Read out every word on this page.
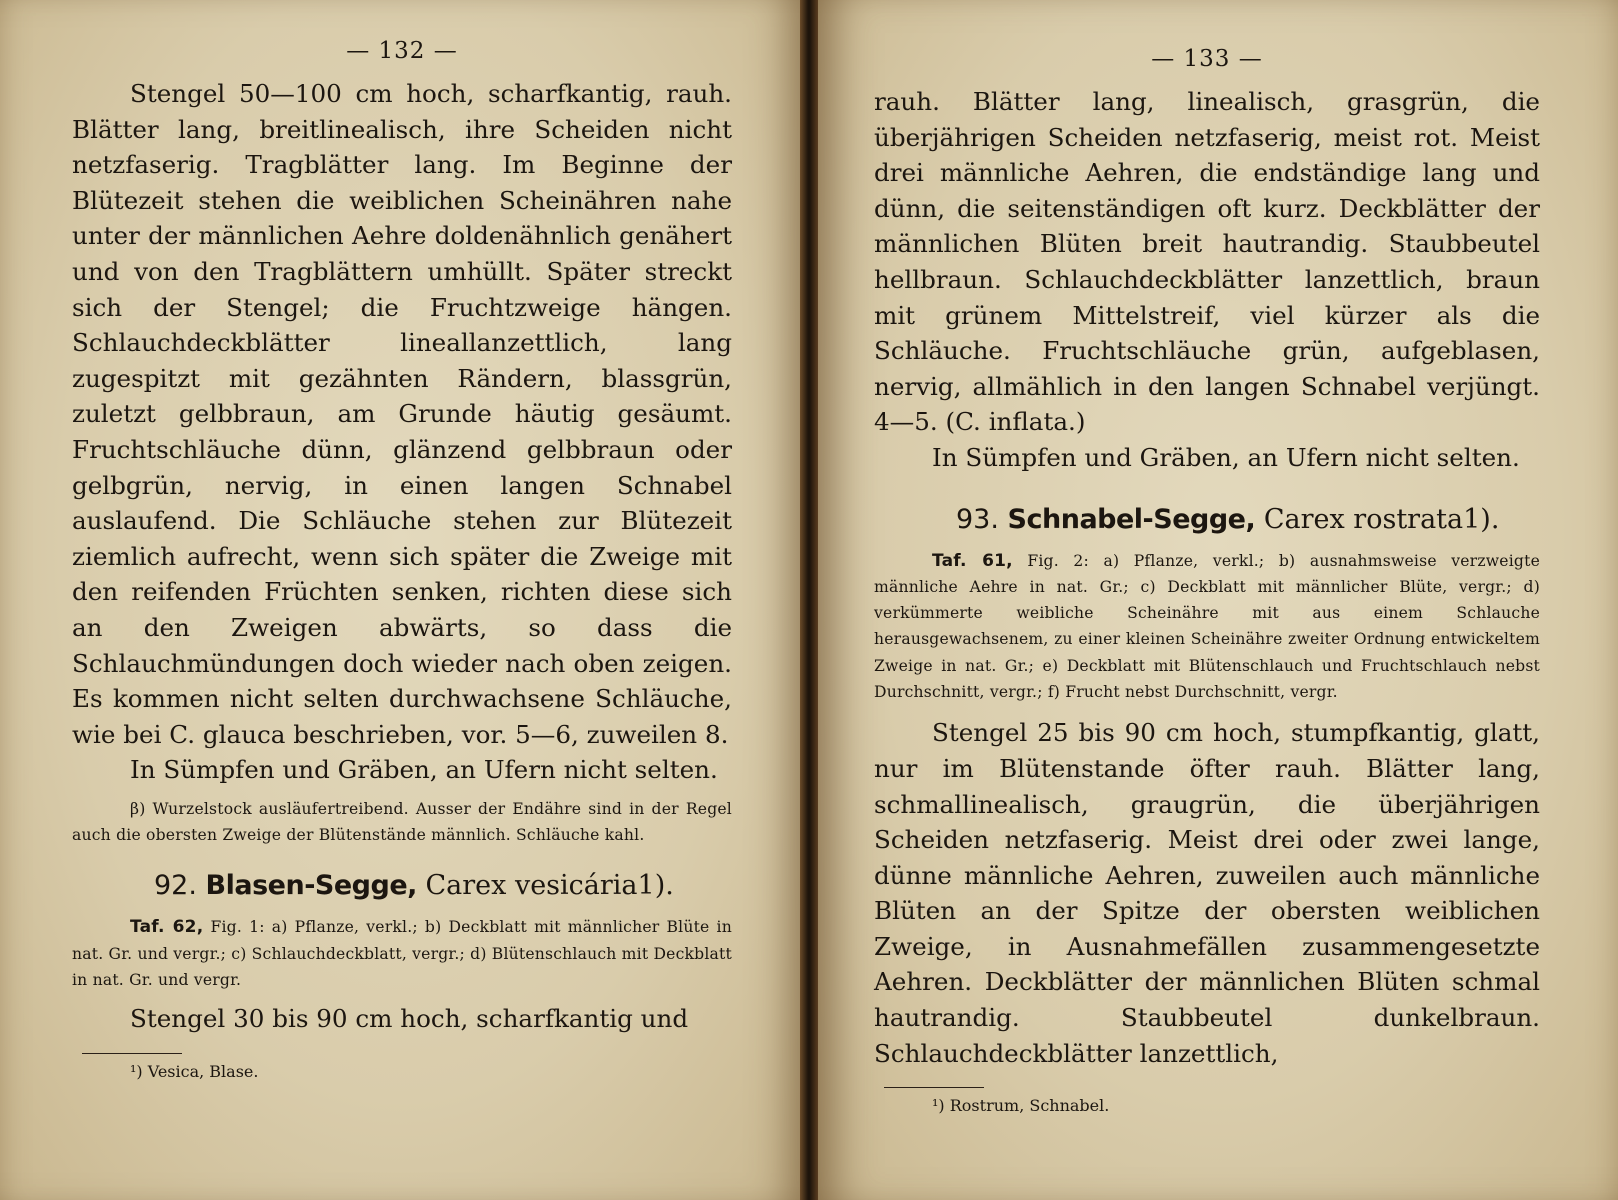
— 132 —

Stengel 50—100 cm hoch, scharfkantig, rauh. Blätter lang, breitlinealisch, ihre Scheiden nicht netzfaserig. Tragblätter lang. Im Beginne der Blütezeit stehen die weiblichen Scheinähren nahe unter der männlichen Aehre doldenähnlich genähert und von den Tragblättern umhüllt. Später streckt sich der Stengel; die Fruchtzweige hängen. Schlauchdeckblätter lineallanzettlich, lang zugespitzt mit gezähnten Rändern, blassgrün, zuletzt gelbbraun, am Grunde häutig gesäumt. Fruchtschläuche dünn, glänzend gelbbraun oder gelbgrün, nervig, in einen langen Schnabel auslaufend. Die Schläuche stehen zur Blütezeit ziemlich aufrecht, wenn sich später die Zweige mit den reifenden Früchten senken, richten diese sich an den Zweigen abwärts, so dass die Schlauchmündungen doch wieder nach oben zeigen. Es kommen nicht selten durchwachsene Schläuche, wie bei C. glauca beschrieben, vor. 5—6, zuweilen 8.

In Sümpfen und Gräben, an Ufern nicht selten.

β) Wurzelstock ausläufertreibend. Ausser der Endähre sind in der Regel auch die obersten Zweige der Blütenstände männlich. Schläuche kahl.

92. Blasen-Segge, Carex vesicária1).

Taf. 62, Fig. 1: a) Pflanze, verkl.; b) Deckblatt mit männlicher Blüte in nat. Gr. und vergr.; c) Schlauchdeckblatt, vergr.; d) Blütenschlauch mit Deckblatt in nat. Gr. und vergr.

Stengel 30 bis 90 cm hoch, scharfkantig und

¹) Vesica, Blase.

— 133 —

rauh. Blätter lang, linealisch, grasgrün, die überjährigen Scheiden netzfaserig, meist rot. Meist drei männliche Aehren, die endständige lang und dünn, die seitenständigen oft kurz. Deckblätter der männlichen Blüten breit hautrandig. Staubbeutel hellbraun. Schlauchdeckblätter lanzettlich, braun mit grünem Mittelstreif, viel kürzer als die Schläuche. Fruchtschläuche grün, aufgeblasen, nervig, allmählich in den langen Schnabel verjüngt. 4—5. (C. inflata.)

In Sümpfen und Gräben, an Ufern nicht selten.

93. Schnabel-Segge, Carex rostrata1).

Taf. 61, Fig. 2: a) Pflanze, verkl.; b) ausnahmsweise verzweigte männliche Aehre in nat. Gr.; c) Deckblatt mit männlicher Blüte, vergr.; d) verkümmerte weibliche Scheinähre mit aus einem Schlauche herausgewachsenem, zu einer kleinen Scheinähre zweiter Ordnung entwickeltem Zweige in nat. Gr.; e) Deckblatt mit Blütenschlauch und Fruchtschlauch nebst Durchschnitt, vergr.; f) Frucht nebst Durchschnitt, vergr.

Stengel 25 bis 90 cm hoch, stumpfkantig, glatt, nur im Blütenstande öfter rauh. Blätter lang, schmallinealisch, graugrün, die überjährigen Scheiden netzfaserig. Meist drei oder zwei lange, dünne männliche Aehren, zuweilen auch männliche Blüten an der Spitze der obersten weiblichen Zweige, in Ausnahmefällen zusammengesetzte Aehren. Deckblätter der männlichen Blüten schmal hautrandig. Staubbeutel dunkelbraun. Schlauchdeckblätter lanzettlich,

¹) Rostrum, Schnabel.
